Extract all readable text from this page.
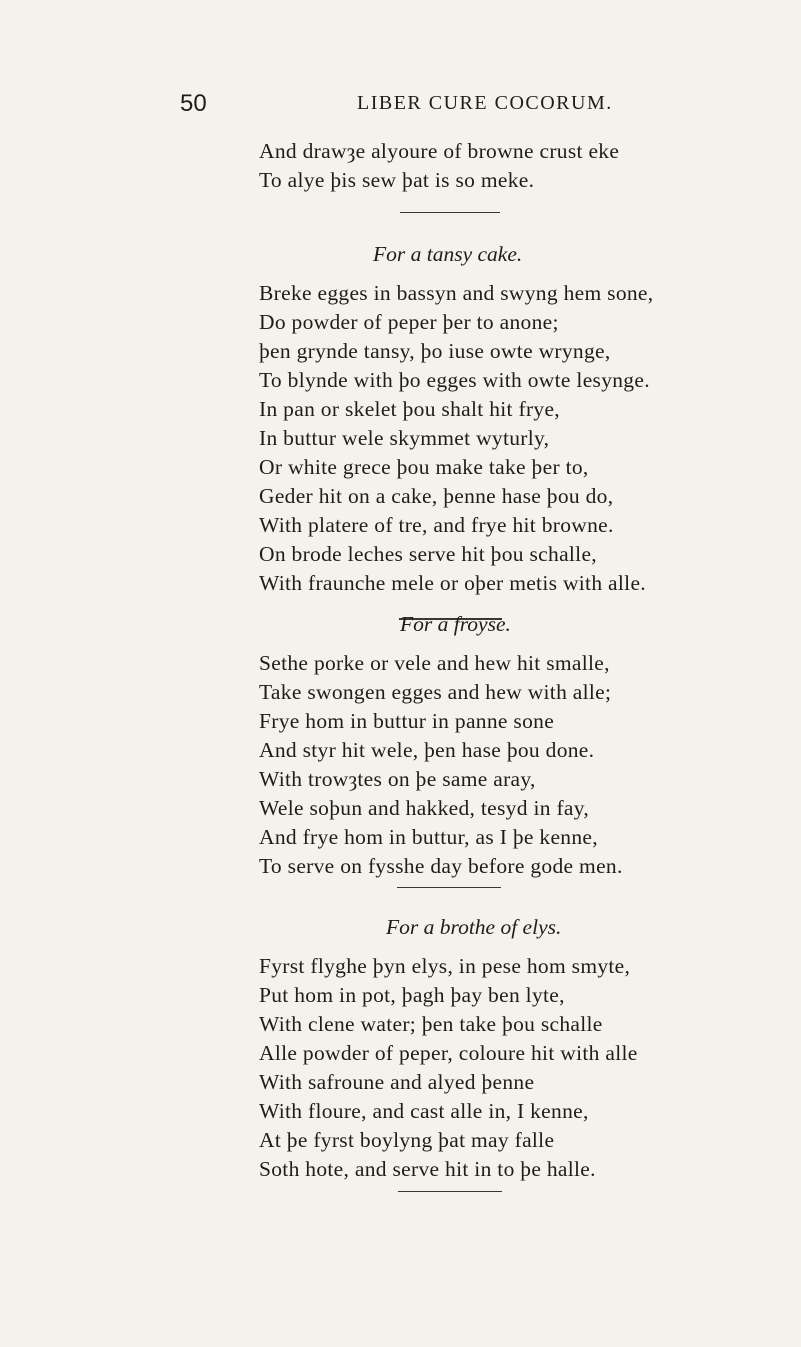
50	LIBER CURE COCORUM.
And drawȝe alyoure of browne crust eke
To alye þis sew þat is so meke.
For a tansy cake.
Breke egges in bassyn and swyng hem sone,
Do powder of peper þer to anone;
þen grynde tansy, þo iuse owte wrynge,
To blynde with þo egges with owte lesynge.
In pan or skelet þou shalt hit frye,
In buttur wele skymmet wyturly,
Or white grece þou make take þer to,
Geder hit on a cake, þenne hase þou do,
With platere of tre, and frye hit browne.
On brode leches serve hit þou schalle,
With fraunche mele or oþer metis with alle.
For a froyse.
Sethe porke or vele and hew hit smalle,
Take swongen egges and hew with alle;
Frye hom in buttur in panne sone
And styr hit wele, þen hase þou done.
With trowȝtes on þe same aray,
Wele soþun and hakked, tesyd in fay,
And frye hom in buttur, as I þe kenne,
To serve on fysshe day before gode men.
For a brothe of elys.
Fyrst flyghe þyn elys, in pese hom smyte,
Put hom in pot, þagh þay ben lyte,
With clene water; þen take þou schalle
Alle powder of peper, coloure hit with alle
With safroune and alyed þenne
With floure, and cast alle in, I kenne,
At þe fyrst boylyng þat may falle
Soth hote, and serve hit in to þe halle.
